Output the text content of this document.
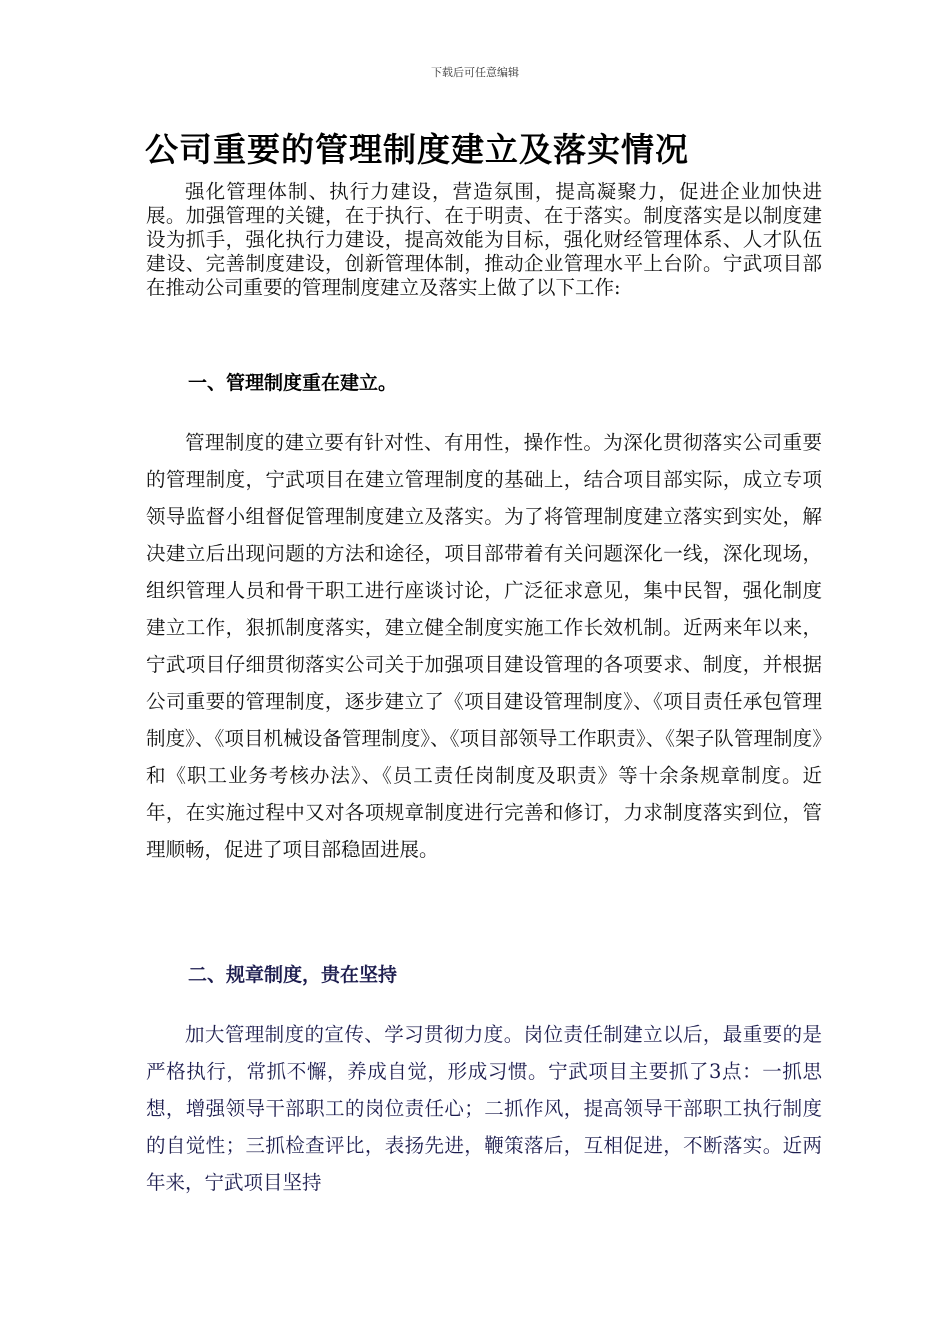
下载后可任意编辑
公司重要的管理制度建立及落实情况
强化管理体制、执行力建设，营造氛围，提高凝聚力，促进企业加快进展。加强管理的关键，在于执行、在于明责、在于落实。制度落实是以制度建设为抓手，强化执行力建设，提高效能为目标，强化财经管理体系、人才队伍建设、完善制度建设，创新管理体制，推动企业管理水平上台阶。宁武项目部在推动公司重要的管理制度建立及落实上做了以下工作:
一、管理制度重在建立。
管理制度的建立要有针对性、有用性，操作性。为深化贯彻落实公司重要的管理制度，宁武项目在建立管理制度的基础上，结合项目部实际，成立专项领导监督小组督促管理制度建立及落实。为了将管理制度建立落实到实处，解决建立后出现问题的方法和途径，项目部带着有关问题深化一线，深化现场，组织管理人员和骨干职工进行座谈讨论，广泛征求意见，集中民智，强化制度建立工作，狠抓制度落实，建立健全制度实施工作长效机制。近两来年以来，宁武项目仔细贯彻落实公司关于加强项目建设管理的各项要求、制度，并根据公司重要的管理制度，逐步建立了《项目建设管理制度》、《项目责任承包管理制度》、《项目机械设备管理制度》、《项目部领导工作职责》、《架子队管理制度》和《职工业务考核办法》、《员工责任岗制度及职责》等十余条规章制度。近年，在实施过程中又对各项规章制度进行完善和修订，力求制度落实到位，管理顺畅，促进了项目部稳固进展。
二、规章制度，贵在坚持
加大管理制度的宣传、学习贯彻力度。岗位责任制建立以后，最重要的是严格执行，常抓不懈，养成自觉，形成习惯。宁武项目主要抓了3点：一抓思想，增强领导干部职工的岗位责任心；二抓作风，提高领导干部职工执行制度的自觉性；三抓检查评比，表扬先进，鞭策落后，互相促进，不断落实。近两年来，宁武项目坚持
